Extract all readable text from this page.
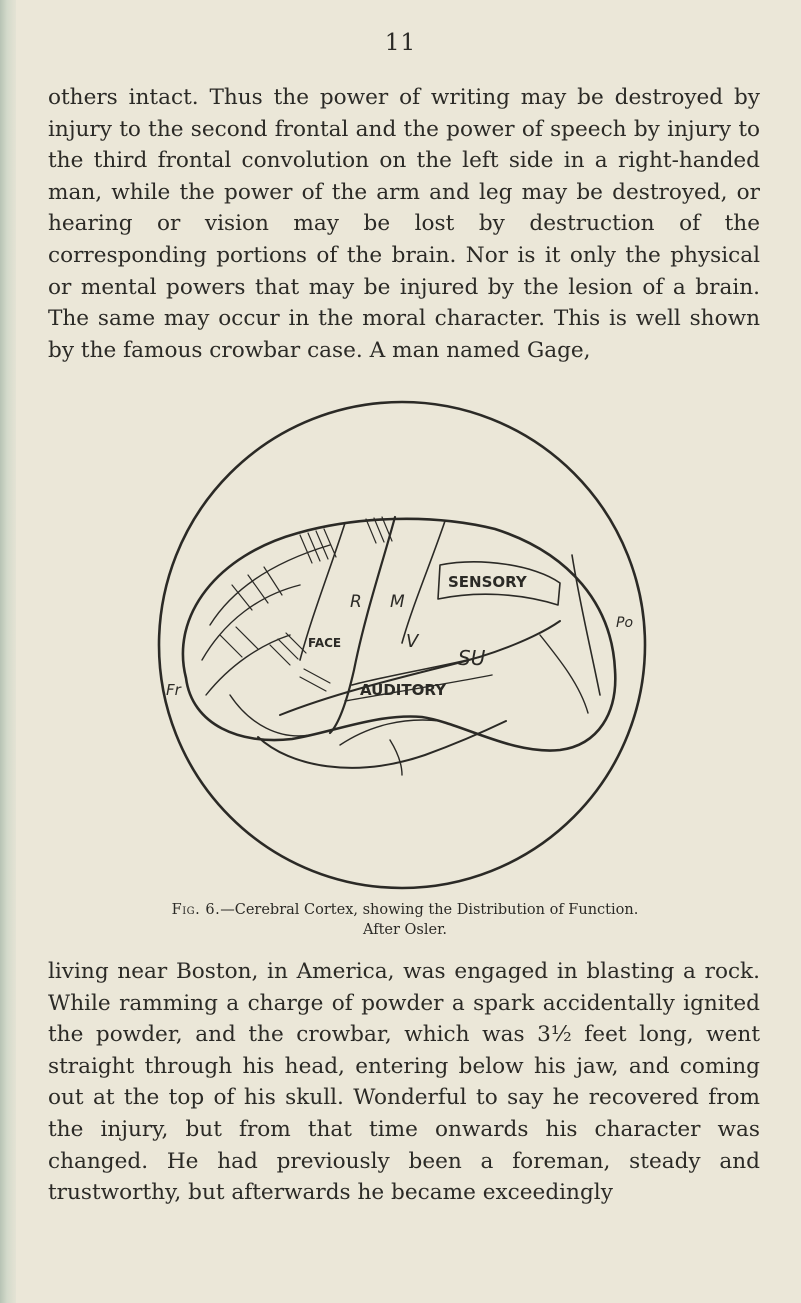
11

others intact. Thus the power of writing may be destroyed by injury to the second frontal and the power of speech by injury to the third frontal convolution on the left side in a right-handed man, while the power of the arm and leg may be destroyed, or hearing or vision may be lost by destruction of the corresponding portions of the brain. Nor is it only the physical or mental powers that may be injured by the lesion of a brain. The same may occur in the moral character. This is well shown by the famous crowbar case. A man named Gage,

SENSORY
AUDITORY
FACE
R M
V
SU
Fr
Po
Fig. 6.—Cerebral Cortex, showing the Distribution of Function.
After Osler.

living near Boston, in America, was engaged in blasting a rock. While ramming a charge of powder a spark accidentally ignited the powder, and the crowbar, which was 3½ feet long, went straight through his head, entering below his jaw, and coming out at the top of his skull. Wonderful to say he recovered from the injury, but from that time onwards his character was changed. He had previously been a foreman, steady and trustworthy, but afterwards he became exceedingly
